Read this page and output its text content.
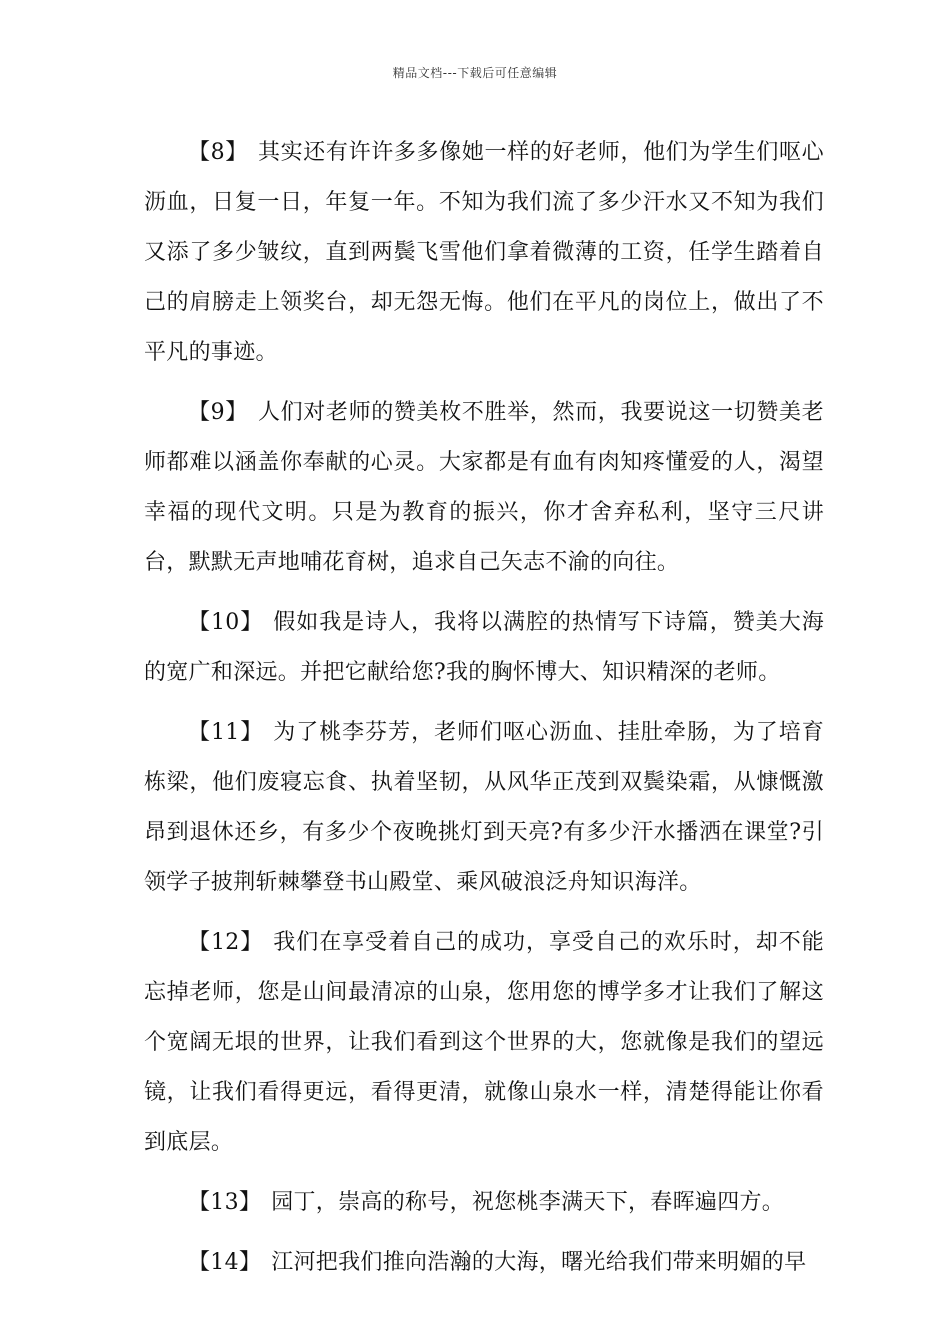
精品文档---下载后可任意编辑

【8】 其实还有许许多多像她一样的好老师，他们为学生们呕心沥血，日复一日，年复一年。不知为我们流了多少汗水又不知为我们又添了多少皱纹，直到两鬓飞雪他们拿着微薄的工资，任学生踏着自己的肩膀走上领奖台，却无怨无悔。他们在平凡的岗位上，做出了不平凡的事迹。

【9】 人们对老师的赞美枚不胜举，然而，我要说这一切赞美老师都难以涵盖你奉献的心灵。大家都是有血有肉知疼懂爱的人，渴望幸福的现代文明。只是为教育的振兴，你才舍弃私利，坚守三尺讲台，默默无声地哺花育树，追求自己矢志不渝的向往。

【10】 假如我是诗人，我将以满腔的热情写下诗篇，赞美大海的宽广和深远。并把它献给您?我的胸怀博大、知识精深的老师。

【11】 为了桃李芬芳，老师们呕心沥血、挂肚牵肠，为了培育栋梁，他们废寝忘食、执着坚韧，从风华正茂到双鬓染霜，从慷慨激昂到退休还乡，有多少个夜晚挑灯到天亮?有多少汗水播洒在课堂?引领学子披荆斩棘攀登书山殿堂、乘风破浪泛舟知识海洋。

【12】 我们在享受着自己的成功，享受自己的欢乐时，却不能忘掉老师，您是山间最清凉的山泉，您用您的博学多才让我们了解这个宽阔无垠的世界，让我们看到这个世界的大，您就像是我们的望远镜，让我们看得更远，看得更清，就像山泉水一样，清楚得能让你看到底层。

【13】 园丁，崇高的称号，祝您桃李满天下，春晖遍四方。

【14】 江河把我们推向浩瀚的大海，曙光给我们带来明媚的早
